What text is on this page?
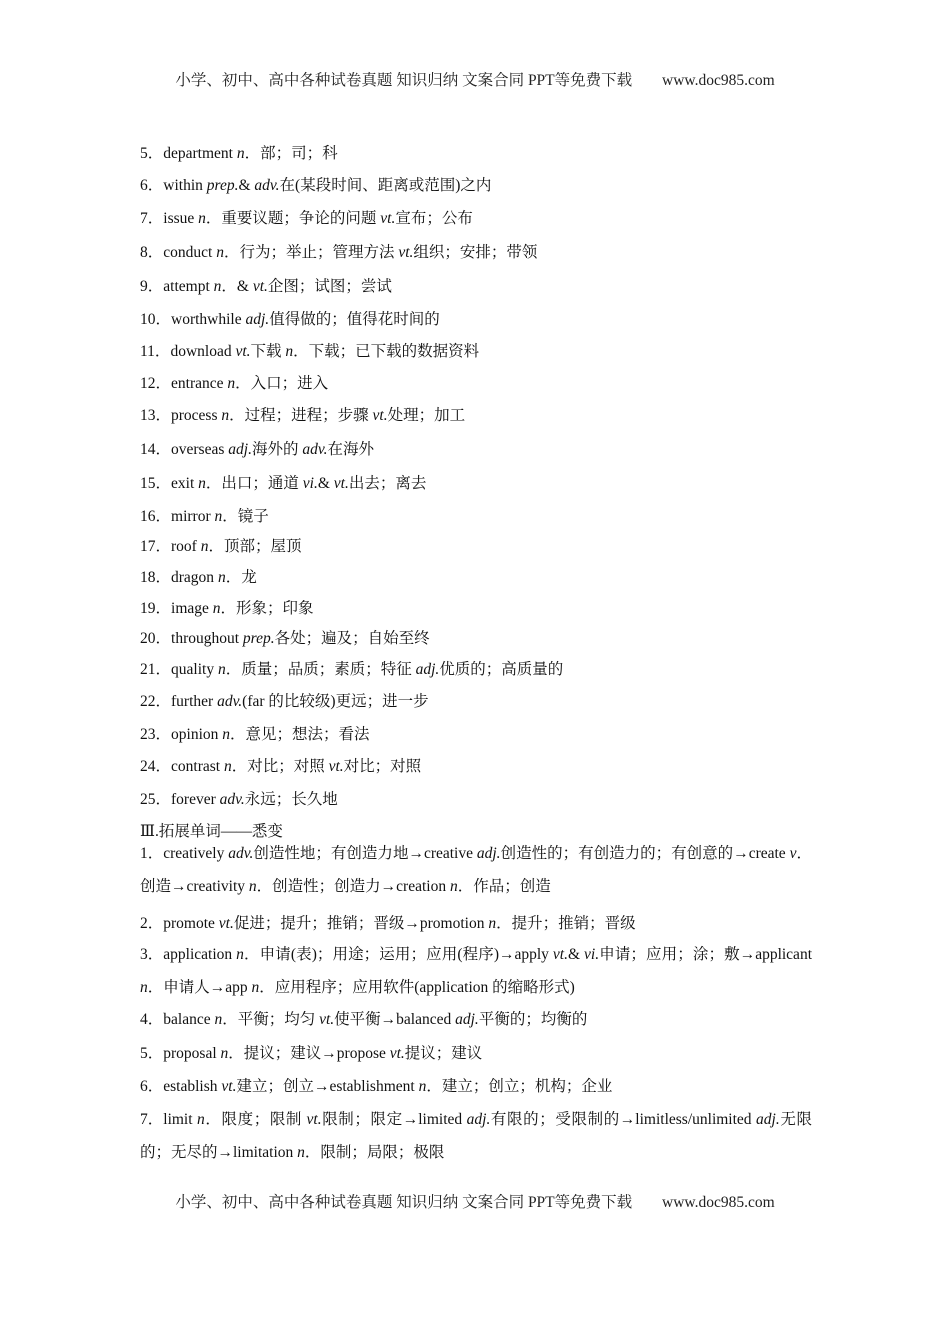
小学、初中、高中各种试卷真题 知识归纳 文案合同 PPT等免费下载 www.doc985.com
5．department n．部；司；科
6．within prep.& adv.在(某段时间、距离或范围)之内
7．issue n．重要议题；争论的问题 vt.宣布；公布
8．conduct n．行为；举止；管理方法 vt.组织；安排；带领
9．attempt n．& vt.企图；试图；尝试
10．worthwhile adj.值得做的；值得花时间的
11．download vt.下载 n．下载；已下载的数据资料
12．entrance n．入口；进入
13．process n．过程；进程；步骤 vt.处理；加工
14．overseas adj.海外的 adv.在海外
15．exit n．出口；通道 vi.& vt.出去；离去
16．mirror n．镜子
17．roof n．顶部；屋顶
18．dragon n．龙
19．image n．形象；印象
20．throughout prep.各处；遍及；自始至终
21．quality n．质量；品质；素质；特征 adj.优质的；高质量的
22．further adv.(far 的比较级)更远；进一步
23．opinion n．意见；想法；看法
24．contrast n．对比；对照 vt.对比；对照
25．forever adv.永远；长久地
Ⅲ.拓展单词——悉变
1．creatively adv.创造性地；有创造力地→creative adj.创造性的；有创造力的；有创意的→create v．创造→creativity n．创造性；创造力→creation n．作品；创造
2．promote vt.促进；提升；推销；晋级→promotion n．提升；推销；晋级
3．application n．申请(表)；用途；运用；应用(程序)→apply vt.& vi.申请；应用；涂；敷→applicant n．申请人→app n．应用程序；应用软件(application 的缩略形式)
4．balance n．平衡；均匀 vt.使平衡→balanced adj.平衡的；均衡的
5．proposal n．提议；建议→propose vt.提议；建议
6．establish vt.建立；创立→establishment n．建立；创立；机构；企业
7．limit n．限度；限制 vt.限制；限定→limited adj.有限的；受限制的→limitless/unlimited adj.无限的；无尽的→limitation n．限制；局限；极限
小学、初中、高中各种试卷真题 知识归纳 文案合同 PPT等免费下载 www.doc985.com
